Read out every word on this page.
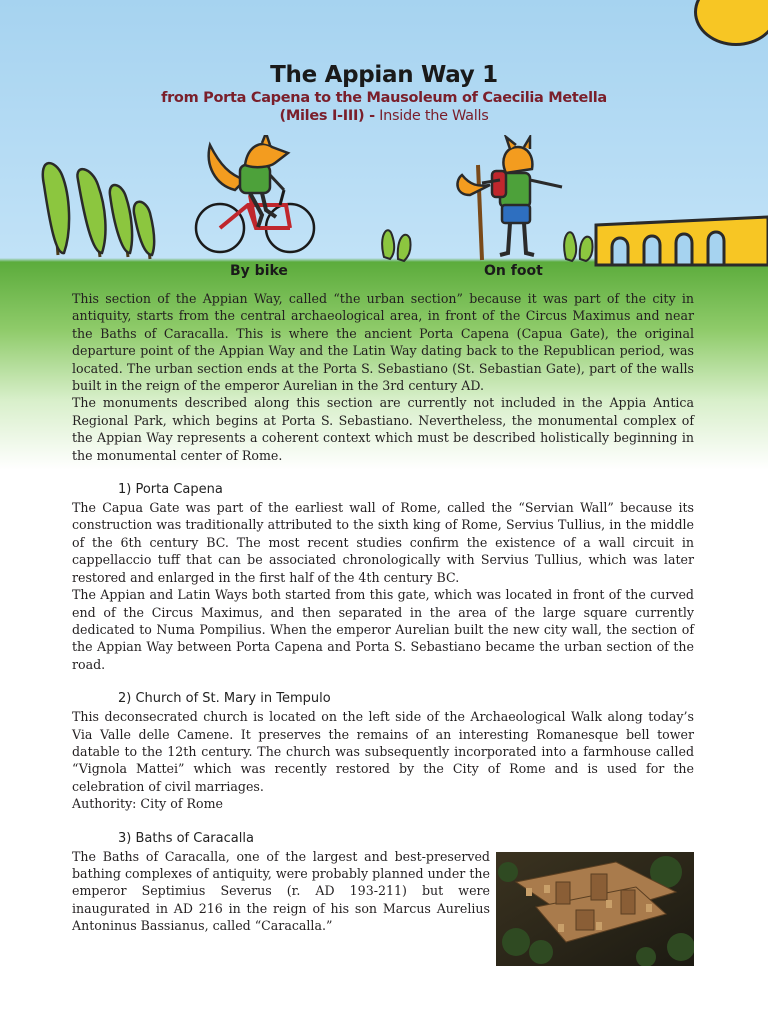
The Appian Way 1
from Porta Capena to the Mausoleum of Caecilia Metella
(Miles I-III) - Inside the Walls
By bike	On foot

This section of the Appian Way, called “the urban section” because it was part of the city in antiquity, starts from the central archaeological area, in front of the Circus Maximus and near the Baths of Caracalla. This is where the ancient Porta Capena (Capua Gate), the original departure point of the Appian Way and the Latin Way dating back to the Republican period, was located. The urban section ends at the Porta S. Sebastiano (St. Sebastian Gate), part of the walls built in the reign of the emperor Aurelian in the 3rd century AD.

The monuments described along this section are currently not included in the Appia Antica Regional Park, which begins at Porta S. Sebastiano. Nevertheless, the monumental complex of the Appian Way represents a coherent context which must be described holistically beginning in the monumental center of Rome.

1) Porta Capena

The Capua Gate was part of the earliest wall of Rome, called the “Servian Wall” because its construction was traditionally attributed to the sixth king of Rome, Servius Tullius, in the middle of the 6th century BC. The most recent studies confirm the existence of a wall circuit in cappellaccio tuff that can be associated chronologically with Servius Tullius, which was later restored and enlarged in the first half of the 4th century BC.

The Appian and Latin Ways both started from this gate, which was located in front of the curved end of the Circus Maximus, and then separated in the area of the large square currently dedicated to Numa Pompilius. When the emperor Aurelian built the new city wall, the section of the Appian Way between Porta Capena and Porta S. Sebastiano became the urban section of the road.

2) Church of St. Mary in Tempulo

This deconsecrated church is located on the left side of the Archaeological Walk along today’s Via Valle delle Camene. It preserves the remains of an interesting Romanesque bell tower datable to the 12th century. The church was subsequently incorporated into a farmhouse called “Vignola Mattei” which was recently restored by the City of Rome and is used for the celebration of civil marriages.

Authority: City of Rome

3) Baths of Caracalla

The Baths of Caracalla, one of the largest and best-preserved bathing complexes of antiquity, were probably planned under the emperor Septimius Severus (r. AD 193-211) but were inaugurated in AD 216 in the reign of his son Marcus Aurelius Antoninus Bassianus, called “Caracalla.”
